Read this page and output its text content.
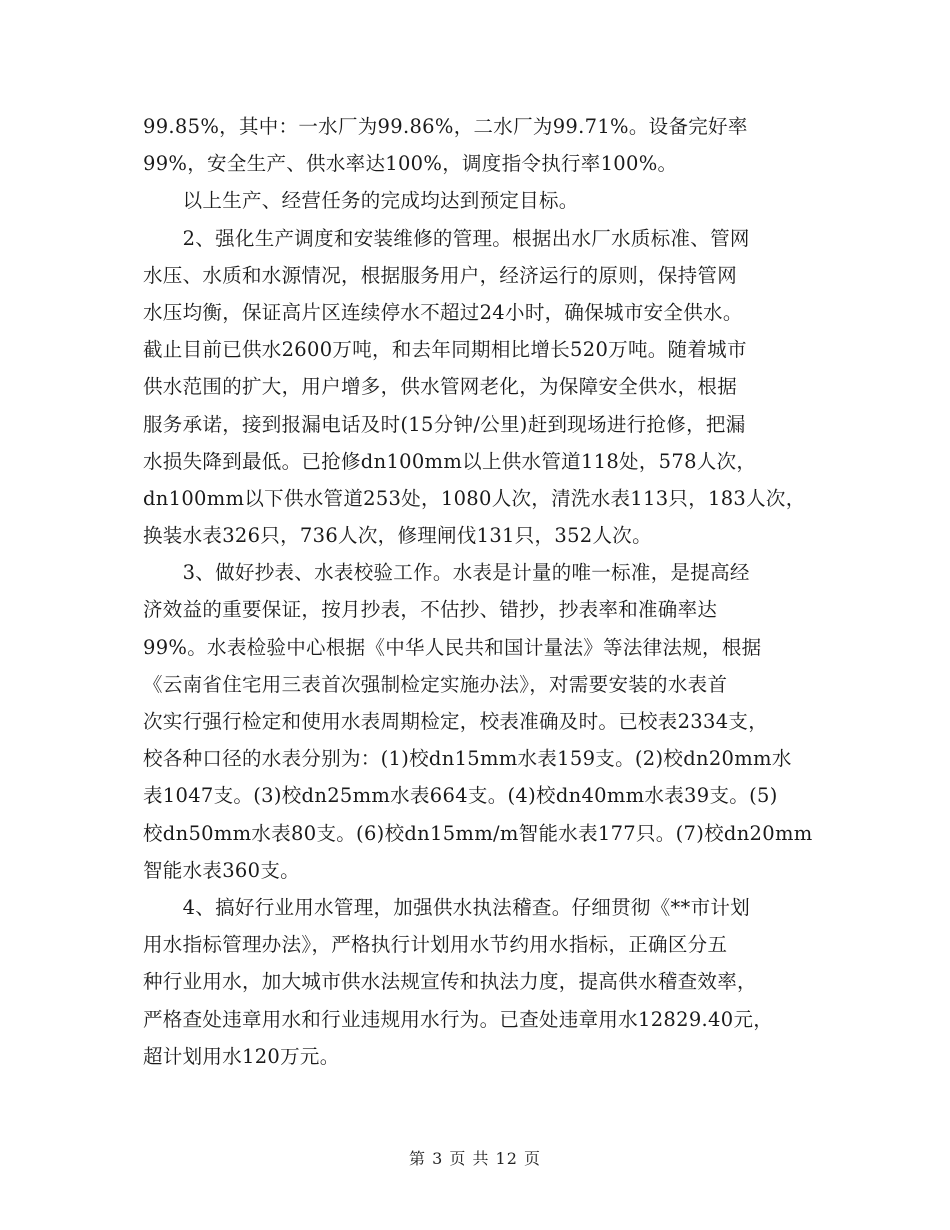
99.85%，其中：一水厂为99.86%，二水厂为99.71%。设备完好率
99%，安全生产、供水率达100%，调度指令执行率100%。
　　以上生产、经营任务的完成均达到预定目标。
　　2、强化生产调度和安装维修的管理。根据出水厂水质标准、管网
水压、水质和水源情况，根据服务用户，经济运行的原则，保持管网
水压均衡，保证高片区连续停水不超过24小时，确保城市安全供水。
截止目前已供水2600万吨，和去年同期相比增长520万吨。随着城市
供水范围的扩大，用户增多，供水管网老化，为保障安全供水，根据
服务承诺，接到报漏电话及时(15分钟/公里)赶到现场进行抢修，把漏
水损失降到最低。已抢修dn100mm以上供水管道118处，578人次，
dn100mm以下供水管道253处，1080人次，清洗水表113只，183人次，
换装水表326只，736人次，修理闸伐131只，352人次。
　　3、做好抄表、水表校验工作。水表是计量的唯一标准，是提高经
济效益的重要保证，按月抄表，不估抄、错抄，抄表率和准确率达
99%。水表检验中心根据《中华人民共和国计量法》等法律法规，根据
《云南省住宅用三表首次强制检定实施办法》，对需要安装的水表首
次实行强行检定和使用水表周期检定，校表准确及时。已校表2334支，
校各种口径的水表分别为：(1)校dn15mm水表159支。(2)校dn20mm水
表1047支。(3)校dn25mm水表664支。(4)校dn40mm水表39支。(5)
校dn50mm水表80支。(6)校dn15mm/m智能水表177只。(7)校dn20mm
智能水表360支。
　　4、搞好行业用水管理，加强供水执法稽查。仔细贯彻《**市计划
用水指标管理办法》，严格执行计划用水节约用水指标，正确区分五
种行业用水，加大城市供水法规宣传和执法力度，提高供水稽查效率，
严格查处违章用水和行业违规用水行为。已查处违章用水12829.40元，
超计划用水120万元。
第 3 页 共 12 页
